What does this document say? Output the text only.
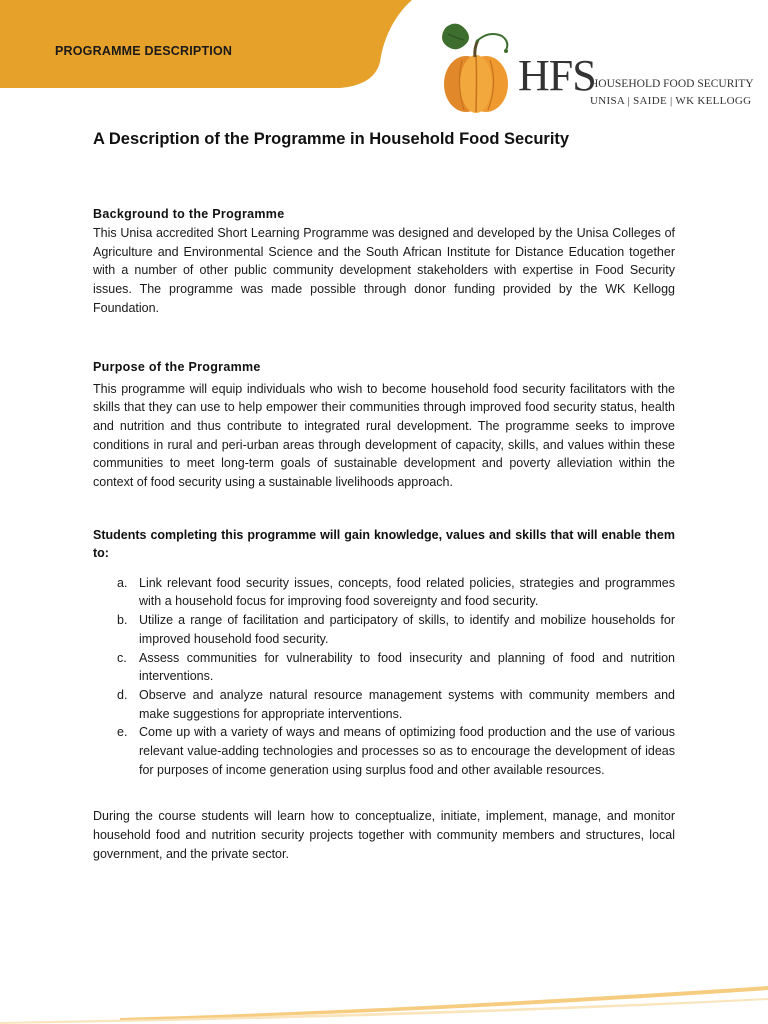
PROGRAMME DESCRIPTION	HFS
HOUSEHOLD FOOD SECURITY
UNISA | SAIDE | WK KELLOGG
A Description of the Programme in Household Food Security
Background to the Programme

This Unisa accredited Short Learning Programme was designed and developed by the Unisa Colleges of Agriculture and Environmental Science and the South African Institute for Distance Education together with a number of other public community development stakeholders with expertise in Food Security issues. The programme was made possible through donor funding provided by the WK Kellogg Foundation.

Purpose of the Programme

This programme will equip individuals who wish to become household food security facilitators with the skills that they can use to help empower their communities through improved food security status, health and nutrition and thus contribute to integrated rural development. The programme seeks to improve conditions in rural and peri-urban areas through development of capacity, skills, and values within these communities to meet long-term goals of sustainable development and poverty alleviation within the context of food security using a sustainable livelihoods approach.

Students completing this programme will gain knowledge, values and skills that will enable them to:
a. Link relevant food security issues, concepts, food related policies, strategies and programmes with a household focus for improving food sovereignty and food security.
b. Utilize a range of facilitation and participatory of skills, to identify and mobilize households for improved household food security.
c. Assess communities for vulnerability to food insecurity and planning of food and nutrition interventions.
d. Observe and analyze natural resource management systems with community members and make suggestions for appropriate interventions.
e. Come up with a variety of ways and means of optimizing food production and the use of various relevant value-adding technologies and processes so as to encourage the development of ideas for purposes of income generation using surplus food and other available resources.

During the course students will learn how to conceptualize, initiate, implement, manage, and monitor household food and nutrition security projects together with community members and structures, local government, and the private sector.
